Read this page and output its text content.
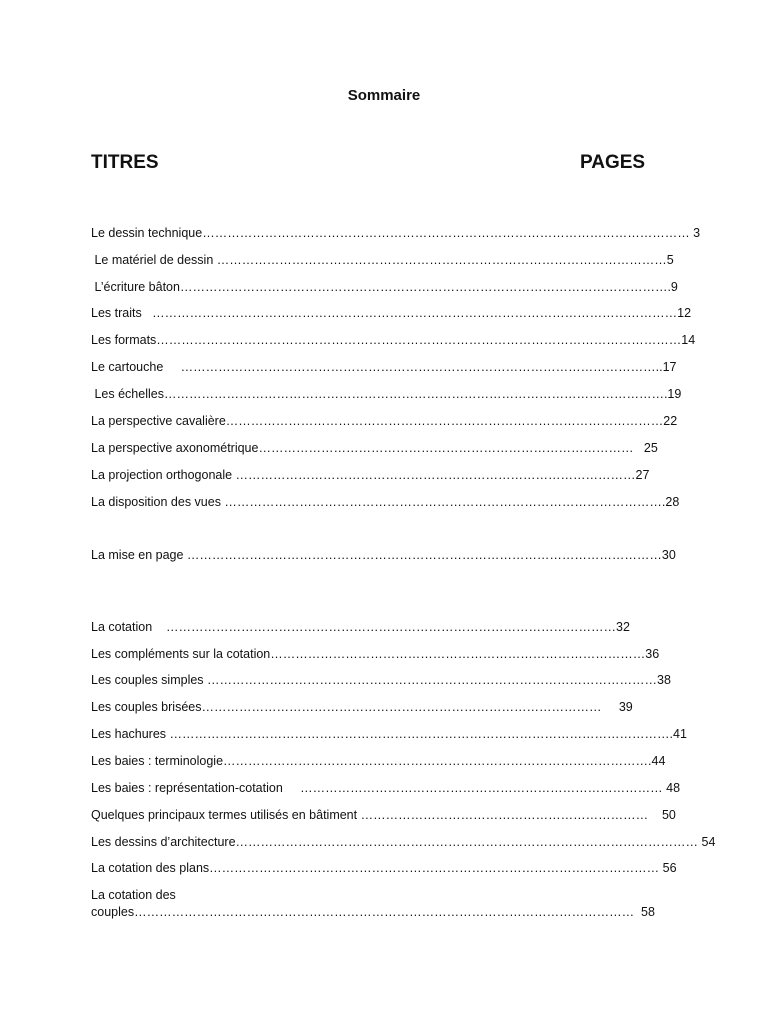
Sommaire
TITRES	PAGES
Le dessin technique……………………………………………………………………………………………………… 3
Le matériel de dessin ………………………………………………………………………………………………5
L’écriture bâton……………………………………………………………………………………………………….9
Les traits   ………………………………………………………………………………………………………………12
Les formats………………………………………………………………………………………………………………14
Le cartouche     ……………………………………………………………………………………………………..17
Les échelles………………………………………………………………………………………………………….19
La perspective cavalière……………………………………………………………………………………………22
La perspective axonométrique………………………………………………………………………………   25
La projection orthogonale ……………………………………………………………………………………27
La disposition des vues …………………………………………………………………………………………….28
La mise en page ……………………………………………………………………………………………………30
La cotation    ………………………………………………………………………………………………32
Les compléments sur la cotation………………………………………………………………………………36
Les couples simples ………………………………………………………………………………………………38
Les couples brisées……………………………………………………………………………………     39
Les hachures ………………………………………………………………………………………………………….41
Les baies : terminologie………………………………………………………………………………………….44
Les baies : représentation-cotation     …………………………………………………………………………… 48
Quelques principaux termes utilisés en bâtiment ……………………………………………………………    50
Les dessins d’architecture………………………………………………………………………………………………… 54
La cotation des plans……………………………………………………………………………………………… 56
La cotation des
couples…………………………………………………………………………………………………………  58
